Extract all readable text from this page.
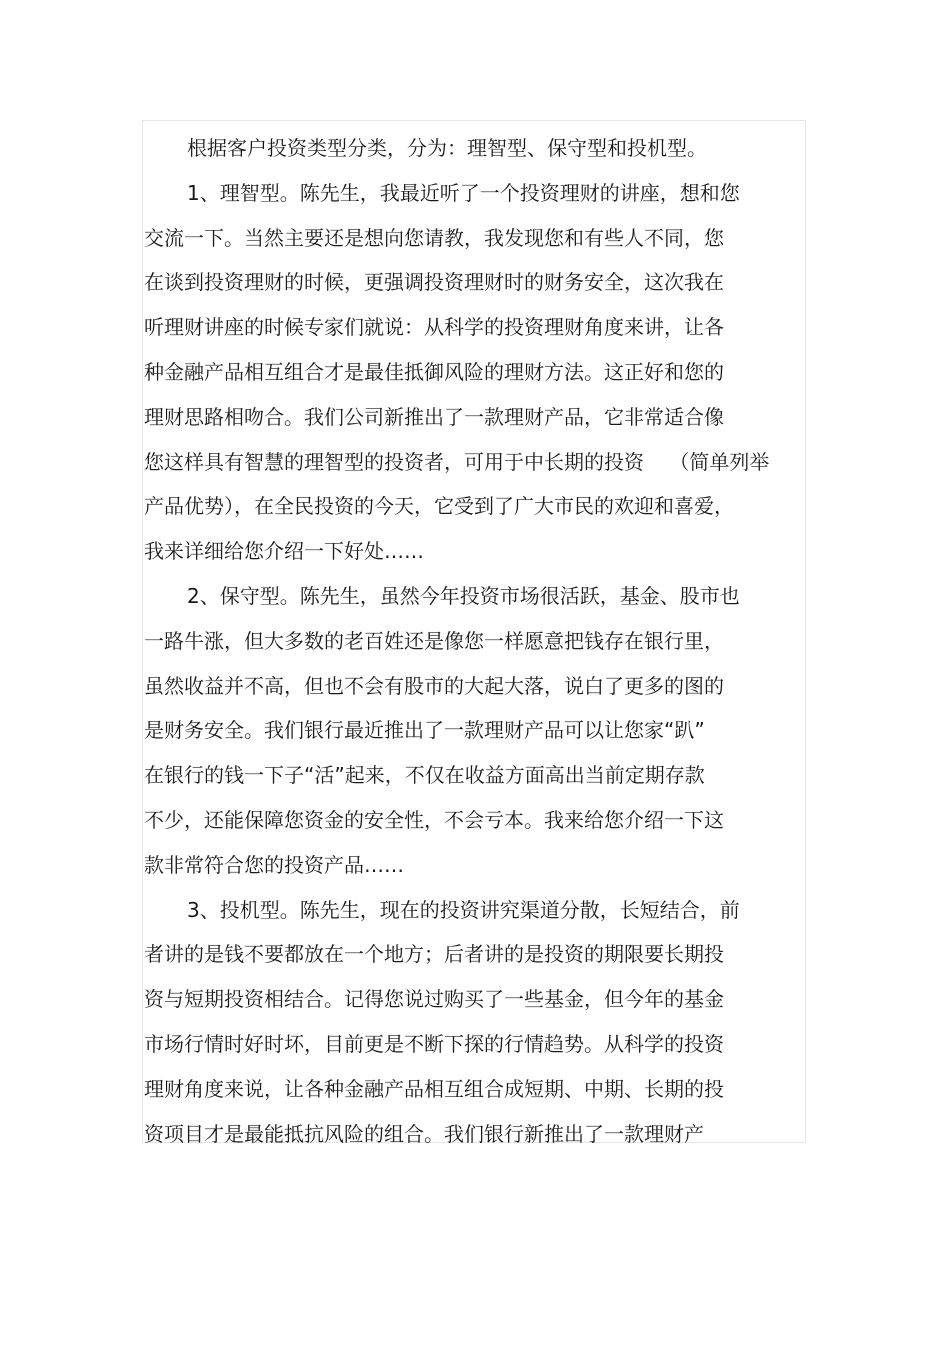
根据客户投资类型分类，分为：理智型、保守型和投机型。

1、理智型。陈先生，我最近听了一个投资理财的讲座，想和您

交流一下。当然主要还是想向您请教，我发现您和有些人不同，您

在谈到投资理财的时候，更强调投资理财时的财务安全，这次我在

听理财讲座的时候专家们就说：从科学的投资理财角度来讲，让各

种金融产品相互组合才是最佳抵御风险的理财方法。这正好和您的

理财思路相吻合。我们公司新推出了一款理财产品，它非常适合像

您这样具有智慧的理智型的投资者，可用于中长期的投资    （简单列举

产品优势），在全民投资的今天，它受到了广大市民的欢迎和喜爱，

我来详细给您介绍一下好处……

2、保守型。陈先生，虽然今年投资市场很活跃，基金、股市也

一路牛涨，但大多数的老百姓还是像您一样愿意把钱存在银行里，

虽然收益并不高，但也不会有股市的大起大落，说白了更多的图的

是财务安全。我们银行最近推出了一款理财产品可以让您家“趴”

在银行的钱一下子“活”起来，不仅在收益方面高出当前定期存款

不少，还能保障您资金的安全性，不会亏本。我来给您介绍一下这

款非常符合您的投资产品……

3、投机型。陈先生，现在的投资讲究渠道分散，长短结合，前

者讲的是钱不要都放在一个地方；后者讲的是投资的期限要长期投

资与短期投资相结合。记得您说过购买了一些基金，但今年的基金

市场行情时好时坏，目前更是不断下探的行情趋势。从科学的投资

理财角度来说，让各种金融产品相互组合成短期、中期、长期的投

资项目才是最能抵抗风险的组合。我们银行新推出了一款理财产
